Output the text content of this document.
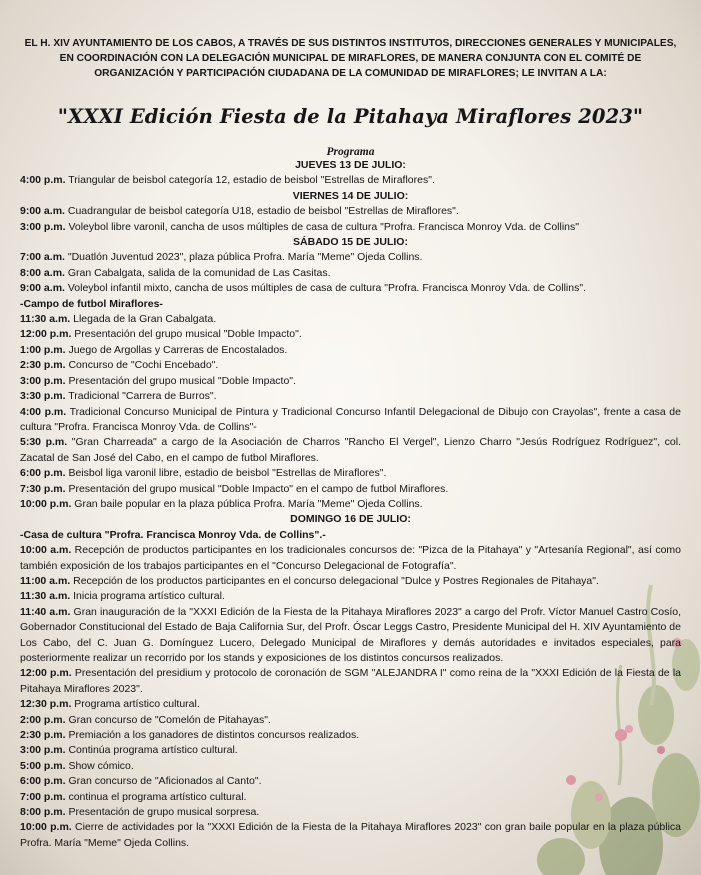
EL H. XIV AYUNTAMIENTO DE LOS CABOS, A TRAVÉS DE SUS DISTINTOS INSTITUTOS, DIRECCIONES GENERALES Y MUNICIPALES, EN COORDINACIÓN CON LA DELEGACIÓN MUNICIPAL DE MIRAFLORES, DE MANERA CONJUNTA CON EL COMITÉ DE ORGANIZACIÓN Y PARTICIPACIÓN CIUDADANA DE LA COMUNIDAD DE MIRAFLORES; LE INVITAN A LA:

"XXXI Edición Fiesta de la Pitahaya Miraflores 2023"

Programa

JUEVES 13 DE JULIO:

4:00 p.m. Triangular de beisbol categoría 12, estadio de beisbol "Estrellas de Miraflores".

VIERNES 14 DE JULIO:

9:00 a.m. Cuadrangular de beisbol categoría U18, estadio de beisbol "Estrellas de Miraflores".

3:00 p.m. Voleybol libre varonil, cancha de usos múltiples de casa de cultura "Profra. Francisca Monroy Vda. de Collins"

SÁBADO 15 DE JULIO:

7:00 a.m. "Duatlón Juventud 2023", plaza pública Profra. María "Meme" Ojeda Collins.

8:00 a.m. Gran Cabalgata, salida de la comunidad de Las Casitas.

9:00 a.m. Voleybol infantil mixto, cancha de usos múltiples de casa de cultura "Profra. Francisca Monroy Vda. de Collins".

-Campo de futbol Miraflores-

11:30 a.m. Llegada de la Gran Cabalgata.

12:00 p.m. Presentación del grupo musical "Doble Impacto".

1:00 p.m. Juego de Argollas y Carreras de Encostalados.

2:30 p.m. Concurso de "Cochi Encebado".

3:00 p.m. Presentación del grupo musical "Doble Impacto".

3:30 p.m. Tradicional "Carrera de Burros".

4:00 p.m. Tradicional Concurso Municipal de Pintura y Tradicional Concurso Infantil Delegacional de Dibujo con Crayolas", frente a casa de cultura "Profra. Francisca Monroy Vda. de Collins"-

5:30 p.m. "Gran Charreada" a cargo de la Asociación de Charros "Rancho El Vergel", Lienzo Charro "Jesús Rodríguez Rodríguez", col. Zacatal de San José del Cabo, en el campo de futbol Miraflores.

6:00 p.m. Beisbol liga varonil libre, estadio de beisbol "Estrellas de Miraflores".

7:30 p.m. Presentación del grupo musical "Doble Impacto" en el campo de futbol Miraflores.

10:00 p.m. Gran baile popular en la plaza pública Profra. María "Meme" Ojeda Collins.

DOMINGO 16 DE JULIO:

-Casa de cultura "Profra. Francisca Monroy Vda. de Collins".-

10:00 a.m. Recepción de productos participantes en los tradicionales concursos de: "Pizca de la Pitahaya" y "Artesanía Regional", así como también exposición de los trabajos participantes en el "Concurso Delegacional de Fotografía".

11:00 a.m. Recepción de los productos participantes en el concurso delegacional "Dulce y Postres Regionales de Pitahaya".

11:30 a.m. Inicia programa artístico cultural.

11:40 a.m. Gran inauguración de la "XXXI Edición de la Fiesta de la Pitahaya Miraflores 2023" a cargo del Profr. Víctor Manuel Castro Cosío, Gobernador Constitucional del Estado de Baja California Sur, del Profr. Óscar Leggs Castro, Presidente Municipal del H. XIV Ayuntamiento de Los Cabo, del C. Juan G. Domínguez Lucero, Delegado Municipal de Miraflores y demás autoridades e invitados especiales, para posteriormente realizar un recorrido por los stands y exposiciones de los distintos concursos realizados.

12:00 p.m. Presentación del presidium y protocolo de coronación de SGM "ALEJANDRA I" como reina de la "XXXI Edición de la Fiesta de la Pitahaya Miraflores 2023".

12:30 p.m. Programa artístico cultural.

2:00 p.m. Gran concurso de "Comelón de Pitahayas".

2:30 p.m. Premiación a los ganadores de distintos concursos realizados.

3:00 p.m. Continúa programa artístico cultural.

5:00 p.m. Show cómico.

6:00 p.m. Gran concurso de "Aficionados al Canto".

7:00 p.m. continua el programa artístico cultural.

8:00 p.m. Presentación de grupo musical sorpresa.

10:00 p.m. Cierre de actividades por la "XXXI Edición de la Fiesta de la Pitahaya Miraflores 2023" con gran baile popular en la plaza pública Profra. María "Meme" Ojeda Collins.
